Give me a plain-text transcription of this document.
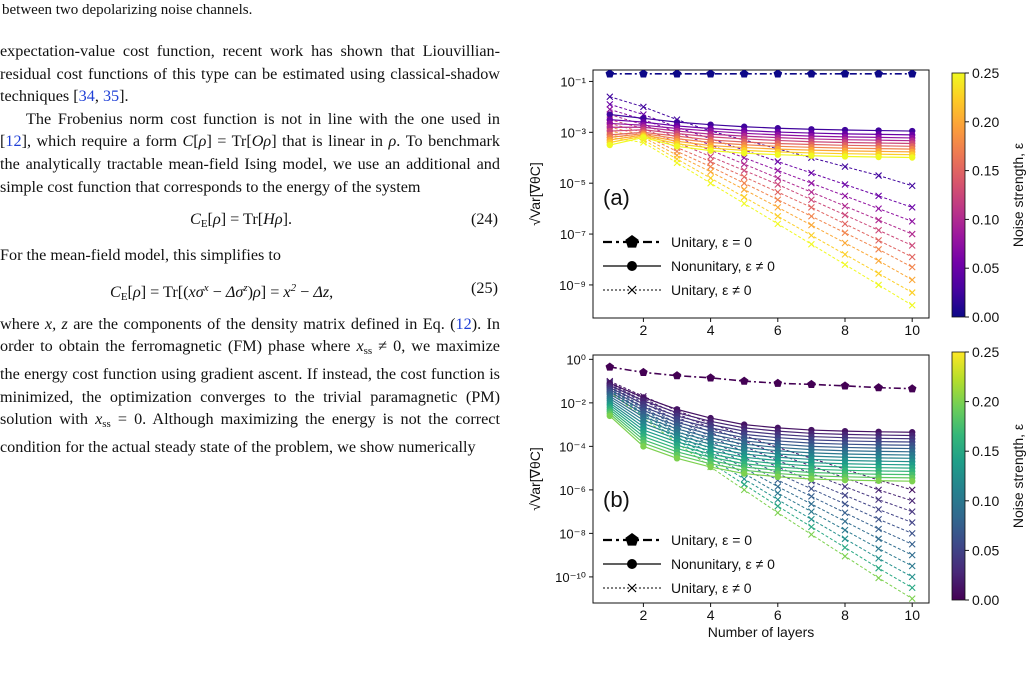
between two depolarizing noise channels.

expectation-value cost function, recent work has shown that Liouvillian-residual cost functions of this type can be estimated using classical-shadow techniques [34, 35].

The Frobenius norm cost function is not in line with the one used in [12], which require a form C[ρ] = Tr[Oρ] that is linear in ρ. To benchmark the analytically tractable mean-field Ising model, we use an additional and simple cost function that corresponds to the energy of the system

$C_E[\rho] = Tr[H\rho]$.	(24)

For the mean-field model, this simplifies to

$C_E[\rho] = Tr[(x\sigma^x - \Delta\sigma^z)\rho] = x^2 - \Delta z$,	(25)

where x, z are the components of the density matrix defined in Eq. (12). In order to obtain the ferromagnetic (FM) phase where $x_{ss} \ne 0$, we maximize the energy cost function using gradient ascent. If instead, the cost function is minimized, the optimization converges to the trivial paramagnetic (PM) solution with $x_{ss} = 0$. Although maximizing the energy is not the correct condition for the actual steady state of the problem, we show numerically

2	4	6	8	10
10⁻¹
10⁻³
10⁻⁵
10⁻⁷
10⁻⁹
√Var[∇θC]	(a)
Unitary, ε = 0
Nonunitary, ε ≠ 0
Unitary, ε ≠ 0
0.00
0.05
0.10
0.15
0.20
0.25
Noise strength, ε
2	4	6	8	10
10⁰
10⁻²
10⁻⁴
10⁻⁶
10⁻⁸
10⁻¹⁰
√Var[∇θC]
Number of layers
(b)
Unitary, ε = 0
Nonunitary, ε ≠ 0
Unitary, ε ≠ 0
0.00
0.05
0.10
0.15
0.20
0.25
Noise strength, ε
